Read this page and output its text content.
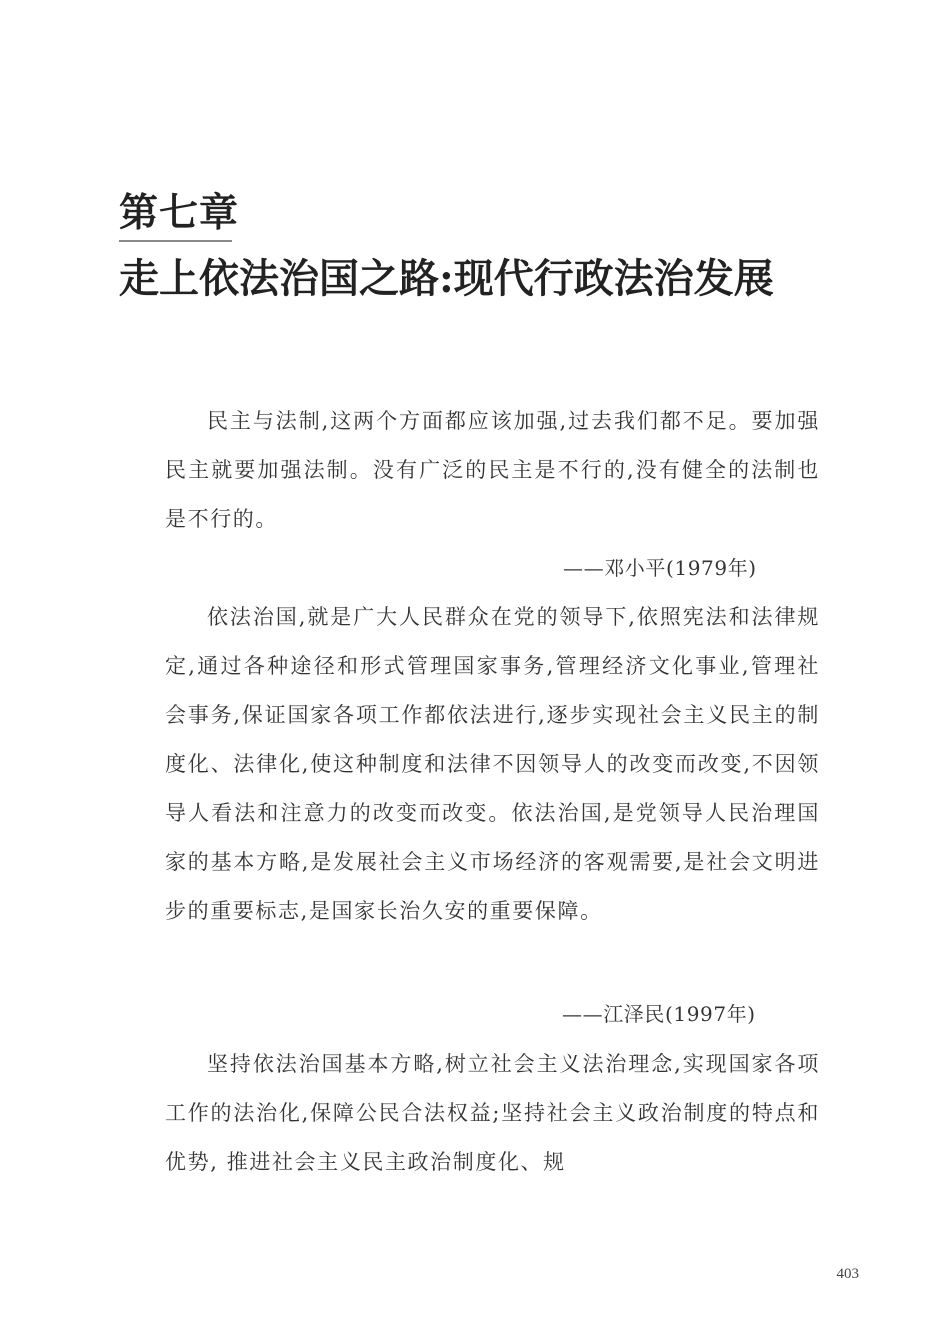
第七章
走上依法治国之路:现代行政法治发展

民主与法制,这两个方面都应该加强,过去我们都不足。要加强民主就要加强法制。没有广泛的民主是不行的,没有健全的法制也是不行的。

——邓小平(1979年)

依法治国,就是广大人民群众在党的领导下,依照宪法和法律规定,通过各种途径和形式管理国家事务,管理经济文化事业,管理社会事务,保证国家各项工作都依法进行,逐步实现社会主义民主的制度化、法律化,使这种制度和法律不因领导人的改变而改变,不因领导人看法和注意力的改变而改变。依法治国,是党领导人民治理国家的基本方略,是发展社会主义市场经济的客观需要,是社会文明进步的重要标志,是国家长治久安的重要保障。

——江泽民(1997年)

坚持依法治国基本方略,树立社会主义法治理念,实现国家各项工作的法治化,保障公民合法权益;坚持社会主义政治制度的特点和优势, 推进社会主义民主政治制度化、规

403
